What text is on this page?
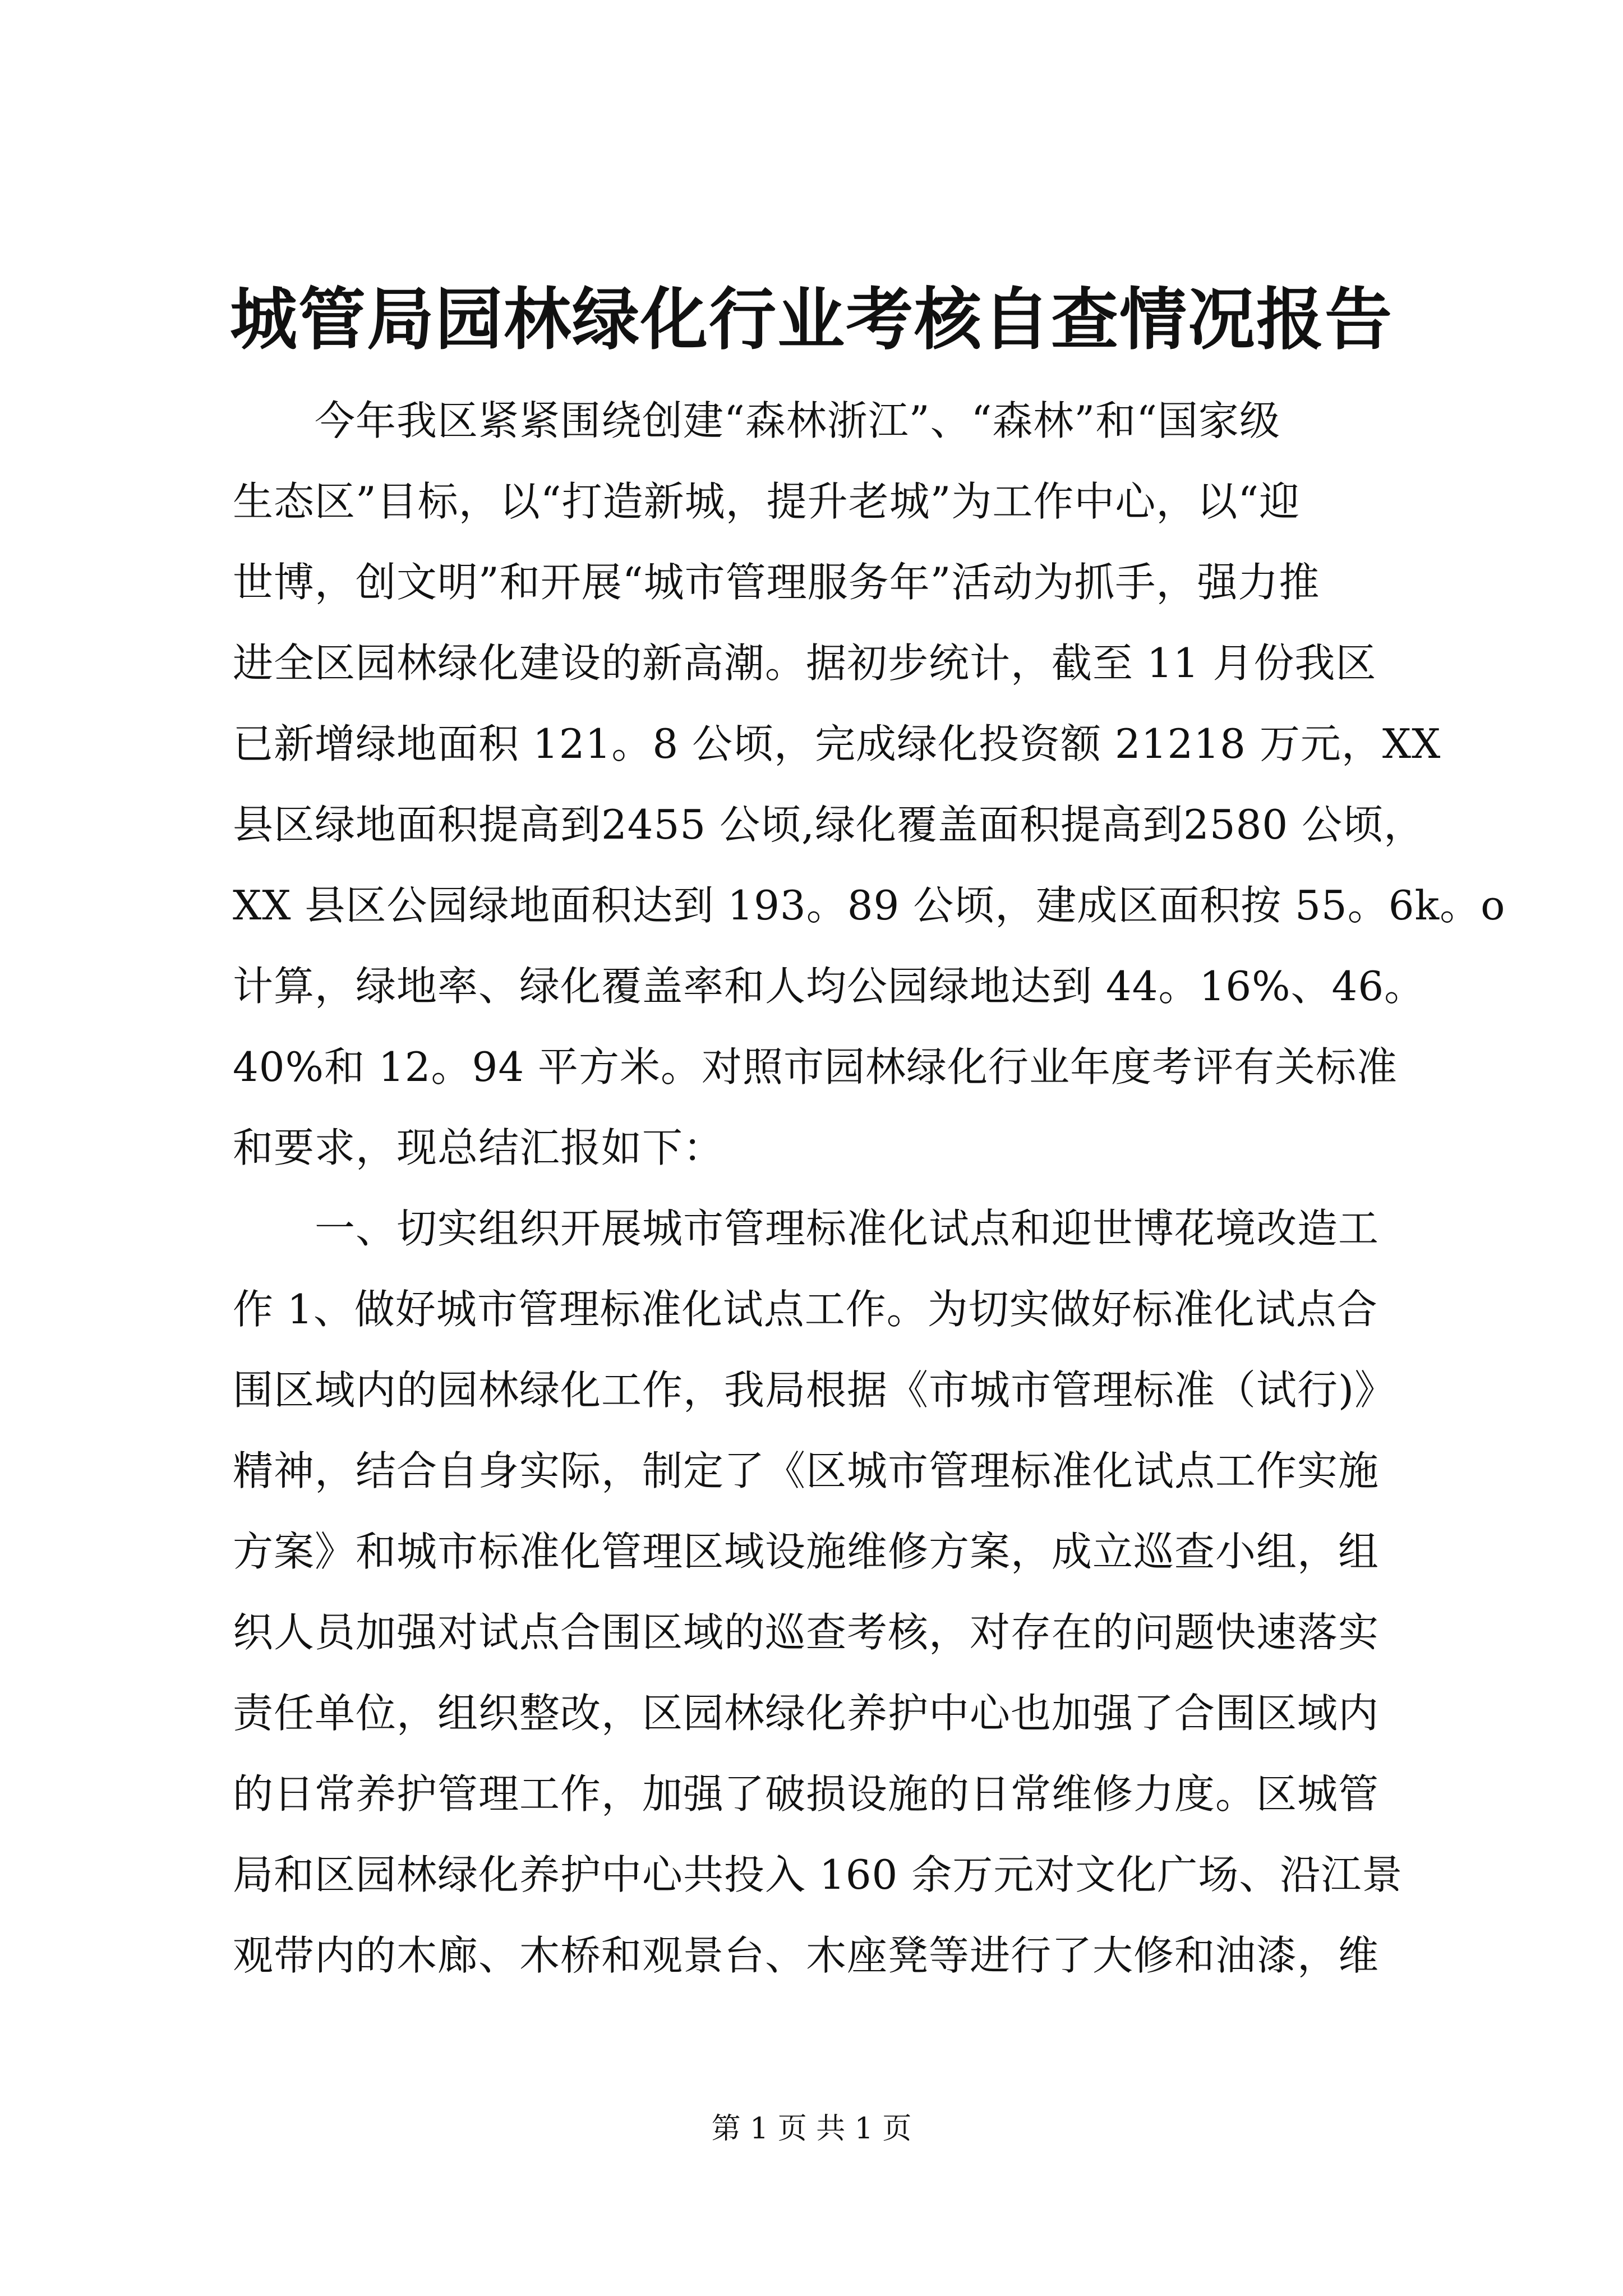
城管局园林绿化行业考核自查情况报告
　　今年我区紧紧围绕创建“森林浙江”、“森林”和“国家级
生态区”目标，以“打造新城，提升老城”为工作中心，以“迎
世博，创文明”和开展“城市管理服务年”活动为抓手，强力推
进全区园林绿化建设的新高潮。据初步统计，截至 11 月份我区
已新增绿地面积 121。8 公顷，完成绿化投资额 21218 万元，XX
县区绿地面积提高到2455 公顷,绿化覆盖面积提高到2580 公顷，
XX 县区公园绿地面积达到 193。89 公顷，建成区面积按 55。6k。o
计算，绿地率、绿化覆盖率和人均公园绿地达到 44。16%、46。
40%和 12。94 平方米。对照市园林绿化行业年度考评有关标准
和要求，现总结汇报如下：
　　一、切实组织开展城市管理标准化试点和迎世博花境改造工
作 1、做好城市管理标准化试点工作。为切实做好标准化试点合
围区域内的园林绿化工作，我局根据《市城市管理标准（试行)》
精神，结合自身实际，制定了《区城市管理标准化试点工作实施
方案》和城市标准化管理区域设施维修方案，成立巡查小组，组
织人员加强对试点合围区域的巡查考核，对存在的问题快速落实
责任单位，组织整改，区园林绿化养护中心也加强了合围区域内
的日常养护管理工作，加强了破损设施的日常维修力度。区城管
局和区园林绿化养护中心共投入 160 余万元对文化广场、沿江景
观带内的木廊、木桥和观景台、木座凳等进行了大修和油漆，维
第 1 页 共 1 页
